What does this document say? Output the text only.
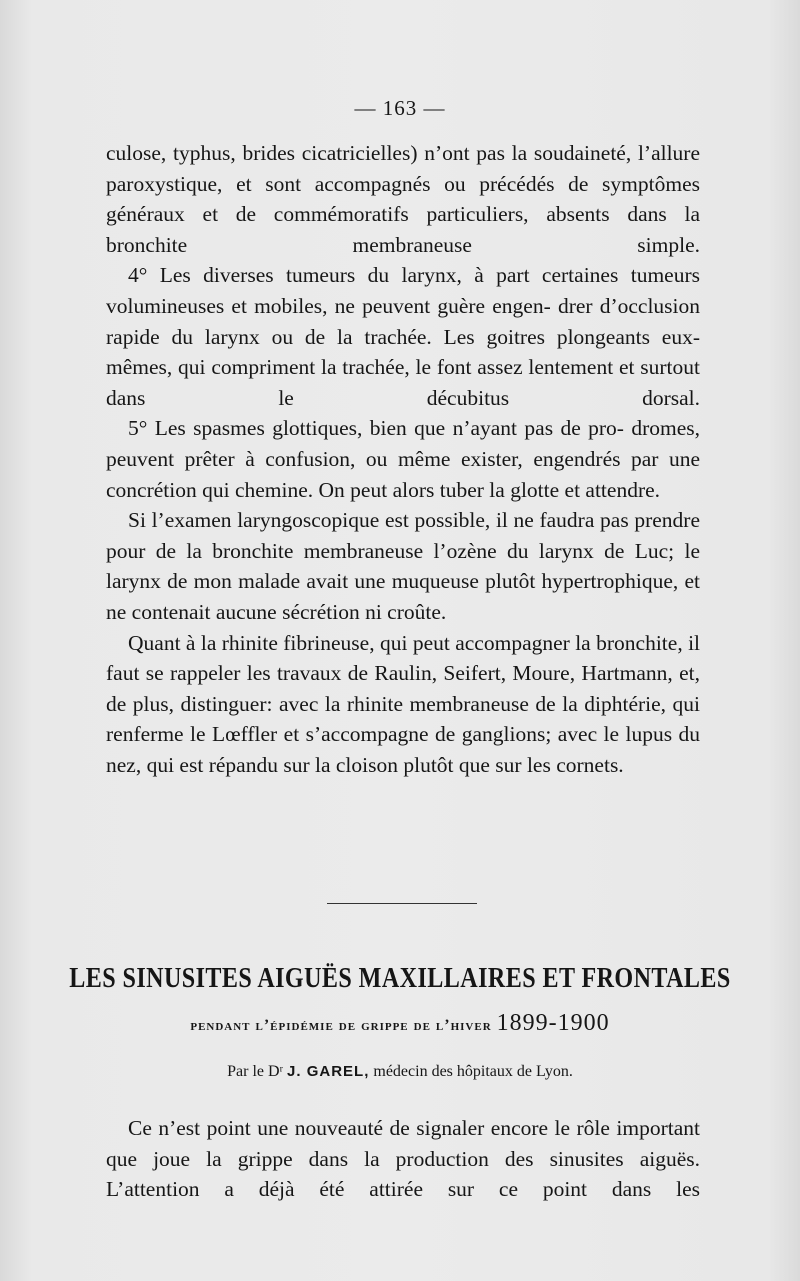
— 163 —

culose, typhus, brides cicatricielles) n’ont pas la soudaineté, l’allure paroxystique, et sont accompagnés ou précédés de symptômes généraux et de commémoratifs particuliers, absents dans la bronchite membraneuse simple.

4° Les diverses tumeurs du larynx, à part certaines tumeurs volumineuses et mobiles, ne peuvent guère engen- drer d’occlusion rapide du larynx ou de la trachée. Les goitres plongeants eux-mêmes, qui compriment la trachée, le font assez lentement et surtout dans le décubitus dorsal.

5° Les spasmes glottiques, bien que n’ayant pas de pro- dromes, peuvent prêter à confusion, ou même exister, engendrés par une concrétion qui chemine. On peut alors tuber la glotte et attendre.

Si l’examen laryngoscopique est possible, il ne faudra pas prendre pour de la bronchite membraneuse l’ozène du larynx de Luc; le larynx de mon malade avait une muqueuse plutôt hypertrophique, et ne contenait aucune sécrétion ni croûte.

Quant à la rhinite fibrineuse, qui peut accompagner la bronchite, il faut se rappeler les travaux de Raulin, Seifert, Moure, Hartmann, et, de plus, distinguer: avec la rhinite membraneuse de la diphtérie, qui renferme le Lœffler et s’accompagne de ganglions; avec le lupus du nez, qui est répandu sur la cloison plutôt que sur les cornets.

LES SINUSITES AIGUËS MAXILLAIRES ET FRONTALES
pendant l’épidémie de grippe de l’hiver 1899-1900
Par le Dʳ J. GAREL, médecin des hôpitaux de Lyon.

Ce n’est point une nouveauté de signaler encore le rôle important que joue la grippe dans la production des sinusites aiguës. L’attention a déjà été attirée sur ce point dans les
